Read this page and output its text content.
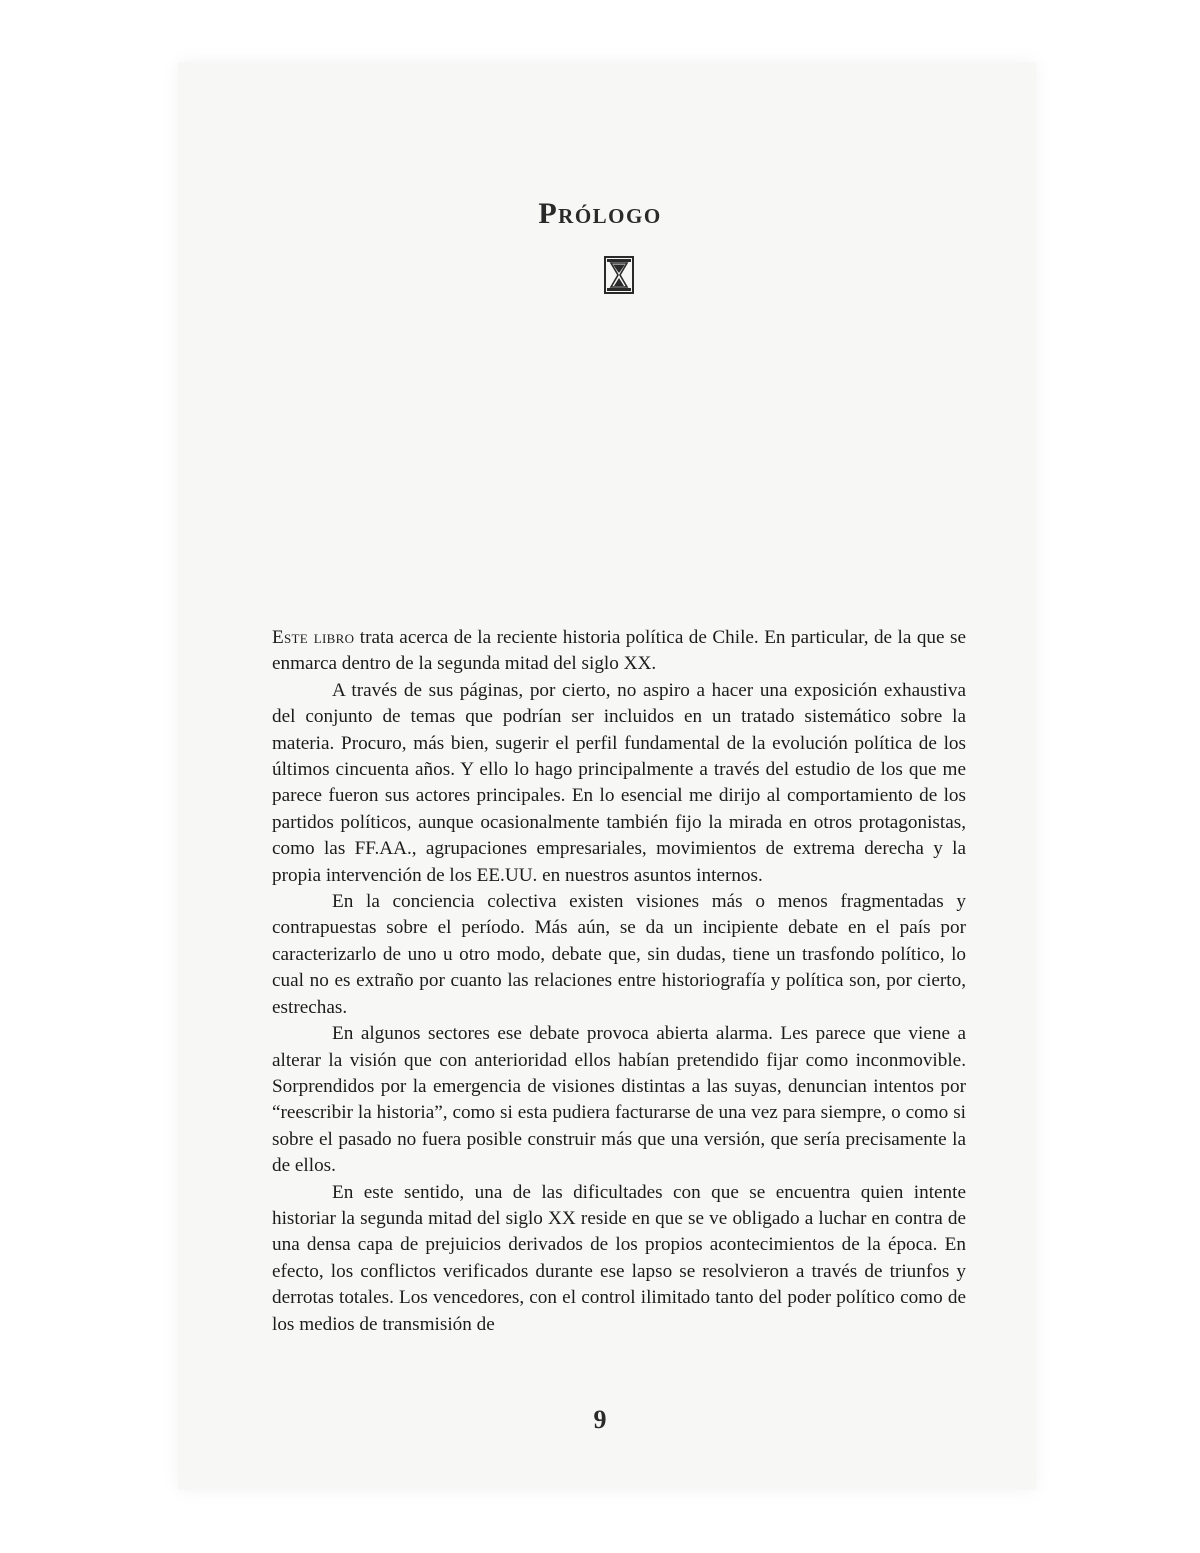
Prólogo

Este libro trata acerca de la reciente historia política de Chile. En particular, de la que se enmarca dentro de la segunda mitad del siglo XX.

A través de sus páginas, por cierto, no aspiro a hacer una exposición exhaustiva del conjunto de temas que podrían ser incluidos en un tratado sistemático sobre la materia. Procuro, más bien, sugerir el perfil fundamental de la evolución política de los últimos cincuenta años. Y ello lo hago principalmente a través del estudio de los que me parece fueron sus actores principales. En lo esencial me dirijo al comportamiento de los partidos políticos, aunque ocasionalmente también fijo la mirada en otros protagonistas, como las FF.AA., agrupaciones empresariales, movimientos de extrema derecha y la propia intervención de los EE.UU. en nuestros asuntos internos.

En la conciencia colectiva existen visiones más o menos fragmentadas y contrapuestas sobre el período. Más aún, se da un incipiente debate en el país por caracterizarlo de uno u otro modo, debate que, sin dudas, tiene un trasfondo político, lo cual no es extraño por cuanto las relaciones entre historiografía y política son, por cierto, estrechas.

En algunos sectores ese debate provoca abierta alarma. Les parece que viene a alterar la visión que con anterioridad ellos habían pretendido fijar como inconmovible. Sorprendidos por la emergencia de visiones distintas a las suyas, denuncian intentos por “reescribir la historia”, como si esta pudiera facturarse de una vez para siempre, o como si sobre el pasado no fuera posible construir más que una versión, que sería precisamente la de ellos.

En este sentido, una de las dificultades con que se encuentra quien intente historiar la segunda mitad del siglo XX reside en que se ve obligado a luchar en contra de una densa capa de prejuicios derivados de los propios acontecimientos de la época. En efecto, los conflictos verificados durante ese lapso se resolvieron a través de triunfos y derrotas totales. Los vencedores, con el control ilimitado tanto del poder político como de los medios de transmisión de

9
